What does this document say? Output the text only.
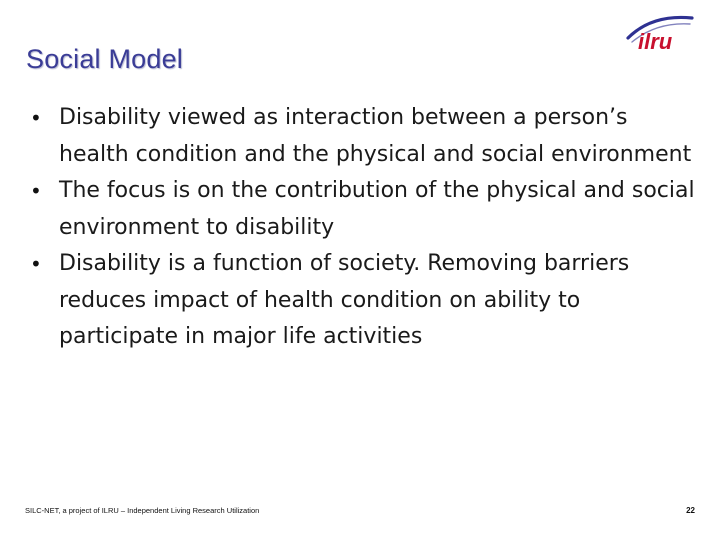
Social Model
ilru
• Disability viewed as interaction between a person’s health condition and the physical and social environment
• The focus is on the contribution of the physical and social environment to disability
• Disability is a function of society. Removing barriers reduces impact of health condition on ability to participate in major life activities
SILC-NET, a project of ILRU – Independent Living Research Utilization	22
